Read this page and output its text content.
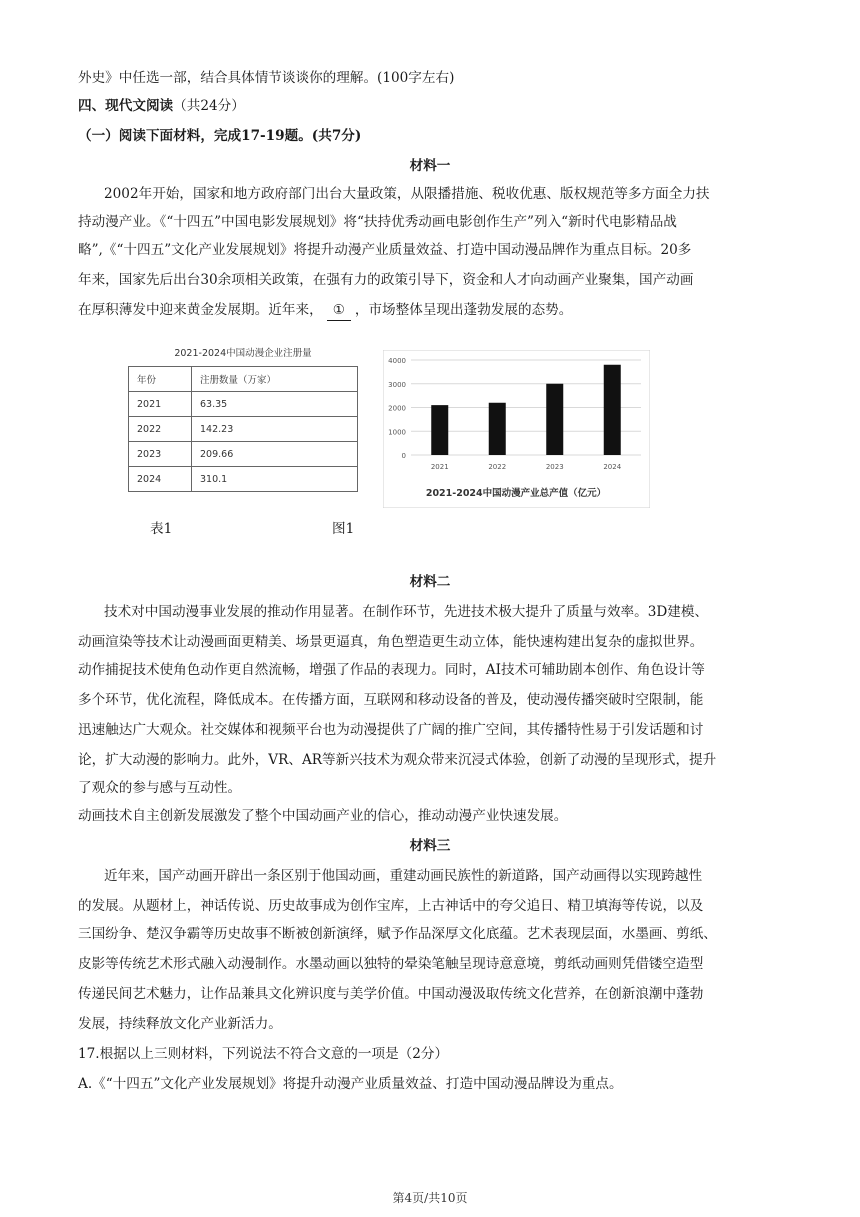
外史》中任选一部，结合具体情节谈谈你的理解。(100字左右)
四、现代文阅读（共24分）
（一）阅读下面材料，完成17-19题。(共7分)
材料一
2002年开始，国家和地方政府部门出台大量政策，从限播措施、税收优惠、版权规范等多方面全力扶
持动漫产业。《“十四五”中国电影发展规划》将“扶持优秀动画电影创作生产”列入“新时代电影精品战
略”,《“十四五”文化产业发展规划》将提升动漫产业质量效益、打造中国动漫品牌作为重点目标。20多
年来，国家先后出台30余项相关政策，在强有力的政策引导下，资金和人才向动画产业聚集，国产动画
在厚积薄发中迎来黄金发展期。近年来， ① ，市场整体呈现出蓬勃发展的态势。
2021-2024中国动漫企业注册量
年份	注册数量（万家）
2021	63.35
2022	142.23
2023	209.66
2024	310.1
0
1000
2000
3000
4000
2021	2022	2023	2024
2021-2024中国动漫产业总产值（亿元）
表1	图1
材料二
技术对中国动漫事业发展的推动作用显著。在制作环节，先进技术极大提升了质量与效率。3D建模、
动画渲染等技术让动漫画面更精美、场景更逼真，角色塑造更生动立体，能快速构建出复杂的虚拟世界。
动作捕捉技术使角色动作更自然流畅，增强了作品的表现力。同时，AI技术可辅助剧本创作、角色设计等
多个环节，优化流程，降低成本。在传播方面，互联网和移动设备的普及，使动漫传播突破时空限制，能
迅速触达广大观众。社交媒体和视频平台也为动漫提供了广阔的推广空间，其传播特性易于引发话题和讨
论，扩大动漫的影响力。此外，VR、AR等新兴技术为观众带来沉浸式体验，创新了动漫的呈现形式，提升
了观众的参与感与互动性。
动画技术自主创新发展激发了整个中国动画产业的信心，推动动漫产业快速发展。
材料三
近年来，国产动画开辟出一条区别于他国动画，重建动画民族性的新道路，国产动画得以实现跨越性
的发展。从题材上，神话传说、历史故事成为创作宝库，上古神话中的夸父追日、精卫填海等传说，以及
三国纷争、楚汉争霸等历史故事不断被创新演绎，赋予作品深厚文化底蕴。艺术表现层面，水墨画、剪纸、
皮影等传统艺术形式融入动漫制作。水墨动画以独特的晕染笔触呈现诗意意境，剪纸动画则凭借镂空造型
传递民间艺术魅力，让作品兼具文化辨识度与美学价值。中国动漫汲取传统文化营养，在创新浪潮中蓬勃
发展，持续释放文化产业新活力。
17.根据以上三则材料，下列说法不符合文意的一项是（2分）
A.《“十四五”文化产业发展规划》将提升动漫产业质量效益、打造中国动漫品牌设为重点。
第4页/共10页
